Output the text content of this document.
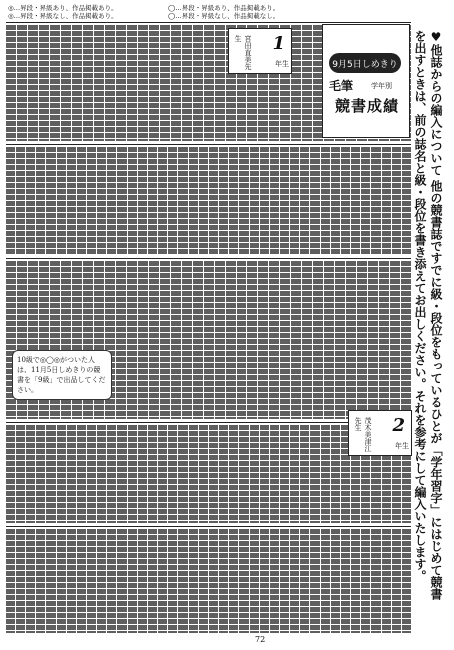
◎…昇段・昇級あり、作品掲載あり。	◯…昇段・昇級あり、作品掲載あり。
◎…昇段・昇級なし、作品掲載あり。	◯…昇段・昇級なし、作品掲載なし。
宮田直美先生	1
年生
茂木美津江先生	2
年生
9月5日しめきり
毛筆	学年別
競書成績
♥他誌からの編入について 他の競書誌ですでに級・段位をもっているひとが「学年習字」にはじめて競書を出すときは、前の誌名と級・段位を書き添えてお出しください。それを参考にして編入いたします。
10級で◎◯◎がついた人は、11月5日しめきりの競書を「9級」で出品してください。
72
